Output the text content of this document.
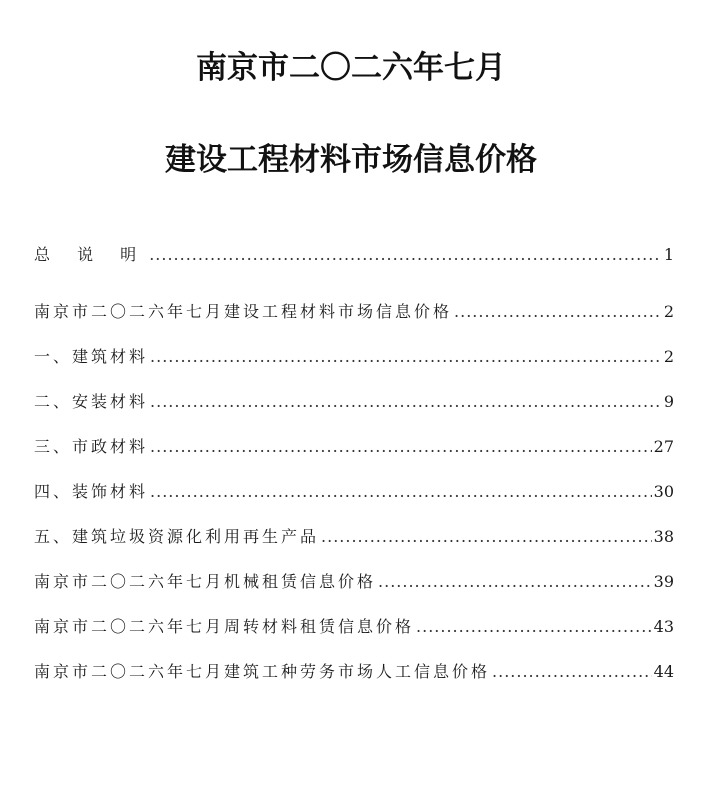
南京市二〇二六年七月
建设工程材料市场信息价格
总 说 明 .....	1
南京市二〇二六年七月建设工程材料市场信息价格 .....	2
一、建筑材料 .....	2
二、安装材料 .....	9
三、市政材料 .....	27
四、装饰材料 .....	30
五、建筑垃圾资源化利用再生产品 .....	38
南京市二〇二六年七月机械租赁信息价格 .....	39
南京市二〇二六年七月周转材料租赁信息价格 .....	43
南京市二〇二六年七月建筑工种劳务市场人工信息价格 .....	44
